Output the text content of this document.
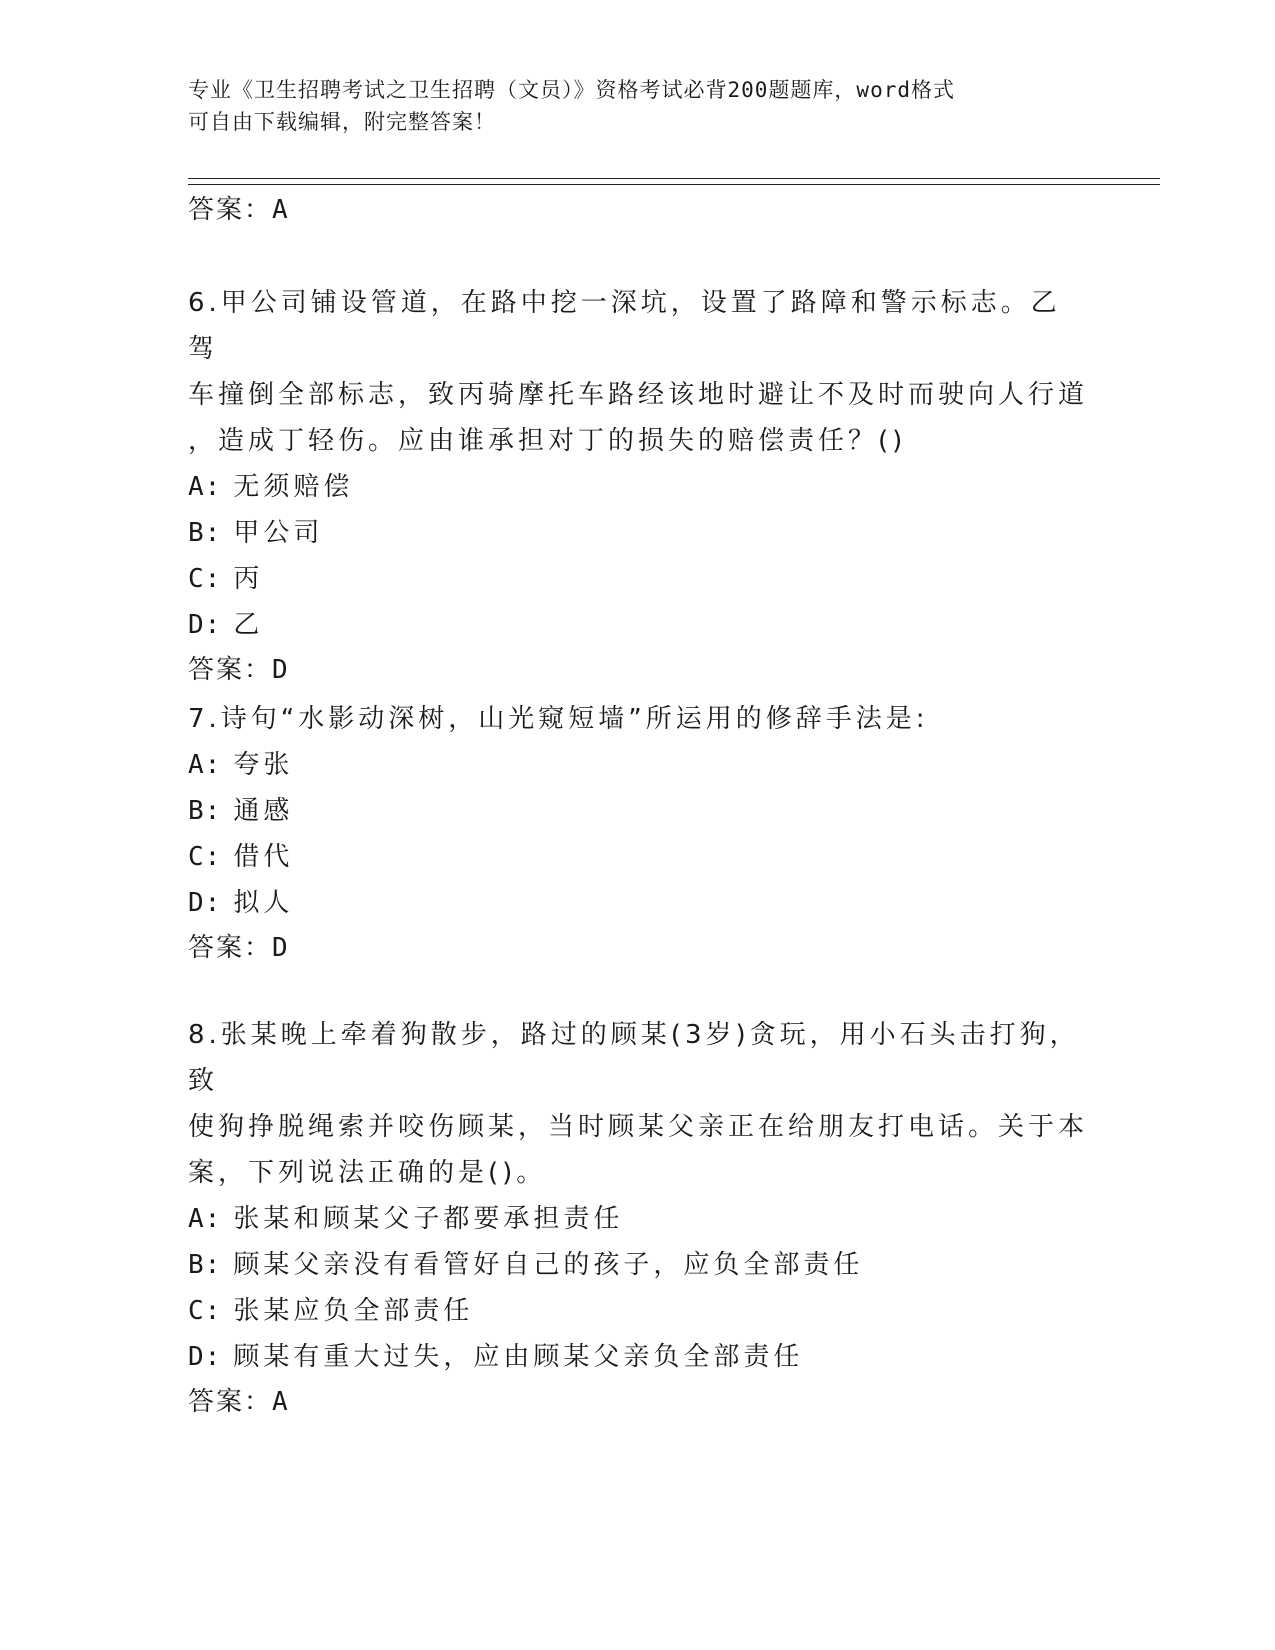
专业《卫生招聘考试之卫生招聘（文员）》资格考试必背200题题库，word格式
可自由下载编辑，附完整答案！
答案：A

6.甲公司铺设管道，在路中挖一深坑，设置了路障和警示标志。乙驾
车撞倒全部标志，致丙骑摩托车路经该地时避让不及时而驶向人行道
，造成丁轻伤。应由谁承担对丁的损失的赔偿责任？()

A: 无须赔偿

B: 甲公司

C: 丙

D: 乙

答案：D

7.诗句“水影动深树，山光窥短墙”所运用的修辞手法是:

A: 夸张

B: 通感

C: 借代

D: 拟人

答案：D

8.张某晚上牵着狗散步，路过的顾某(3岁)贪玩，用小石头击打狗，致
使狗挣脱绳索并咬伤顾某，当时顾某父亲正在给朋友打电话。关于本
案，下列说法正确的是()。

A: 张某和顾某父子都要承担责任

B: 顾某父亲没有看管好自己的孩子，应负全部责任

C: 张某应负全部责任

D: 顾某有重大过失，应由顾某父亲负全部责任

答案：A
